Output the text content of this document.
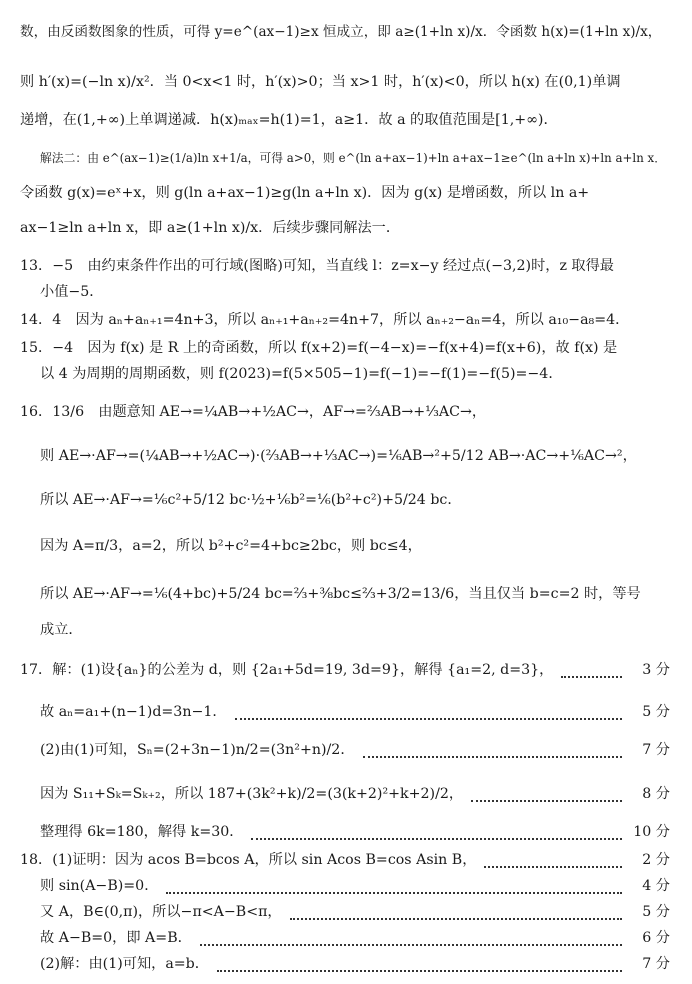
数，由反函数图象的性质，可得 y=e^(ax−1)≥x 恒成立，即 a≥(1+ln x)/x．令函数 h(x)=(1+ln x)/x，
则 h′(x)=(−ln x)/x²．当 0<x<1 时，h′(x)>0；当 x>1 时，h′(x)<0，所以 h(x) 在(0,1)单调
递增，在(1,+∞)上单调递减．h(x)ₘₐₓ=h(1)=1，a≥1．故 a 的取值范围是[1,+∞)．
解法二：由 e^(ax−1)≥(1/a)ln x+1/a，可得 a>0，则 e^(ln a+ax−1)+ln a+ax−1≥e^(ln a+ln x)+ln a+ln x．
令函数 g(x)=eˣ+x，则 g(ln a+ax−1)≥g(ln a+ln x)．因为 g(x) 是增函数，所以 ln a+
ax−1≥ln a+ln x，即 a≥(1+ln x)/x．后续步骤同解法一．
13．−5　由约束条件作出的可行域(图略)可知，当直线 l：z=x−y 经过点(−3,2)时，z 取得最
小值−5．
14．4　因为 aₙ+aₙ₊₁=4n+3，所以 aₙ₊₁+aₙ₊₂=4n+7，所以 aₙ₊₂−aₙ=4，所以 a₁₀−a₈=4．
15．−4　因为 f(x) 是 R 上的奇函数，所以 f(x+2)=f(−4−x)=−f(x+4)=f(x+6)，故 f(x) 是
以 4 为周期的周期函数，则 f(2023)=f(5×505−1)=f(−1)=−f(1)=−f(5)=−4．
16．13/6　由题意知 AE→=¼AB→+½AC→，AF→=⅔AB→+⅓AC→，
则 AE→·AF→=(¼AB→+½AC→)·(⅔AB→+⅓AC→)=⅙AB→²+5/12 AB→·AC→+⅙AC→²，
所以 AE→·AF→=⅙c²+5/12 bc·½+⅙b²=⅙(b²+c²)+5/24 bc．
因为 A=π/3，a=2，所以 b²+c²=4+bc≥2bc，则 bc≤4，
所以 AE→·AF→=⅙(4+bc)+5/24 bc=⅔+⅜bc≤⅔+3/2=13/6，当且仅当 b=c=2 时，等号
成立．
17．解：(1)设{aₙ}的公差为 d，则 {2a₁+5d=19, 3d=9}，解得 {a₁=2, d=3}，	3 分
故 aₙ=a₁+(n−1)d=3n−1．	5 分
(2)由(1)可知，Sₙ=(2+3n−1)n/2=(3n²+n)/2．	7 分
因为 S₁₁+Sₖ=Sₖ₊₂，所以 187+(3k²+k)/2=(3(k+2)²+k+2)/2，	8 分
整理得 6k=180，解得 k=30．	10 分
18．(1)证明：因为 acos B=bcos A，所以 sin Acos B=cos Asin B，	2 分
则 sin(A−B)=0．	4 分
又 A，B∈(0,π)，所以−π<A−B<π，	5 分
故 A−B=0，即 A=B．	6 分
(2)解：由(1)可知，a=b．	7 分
